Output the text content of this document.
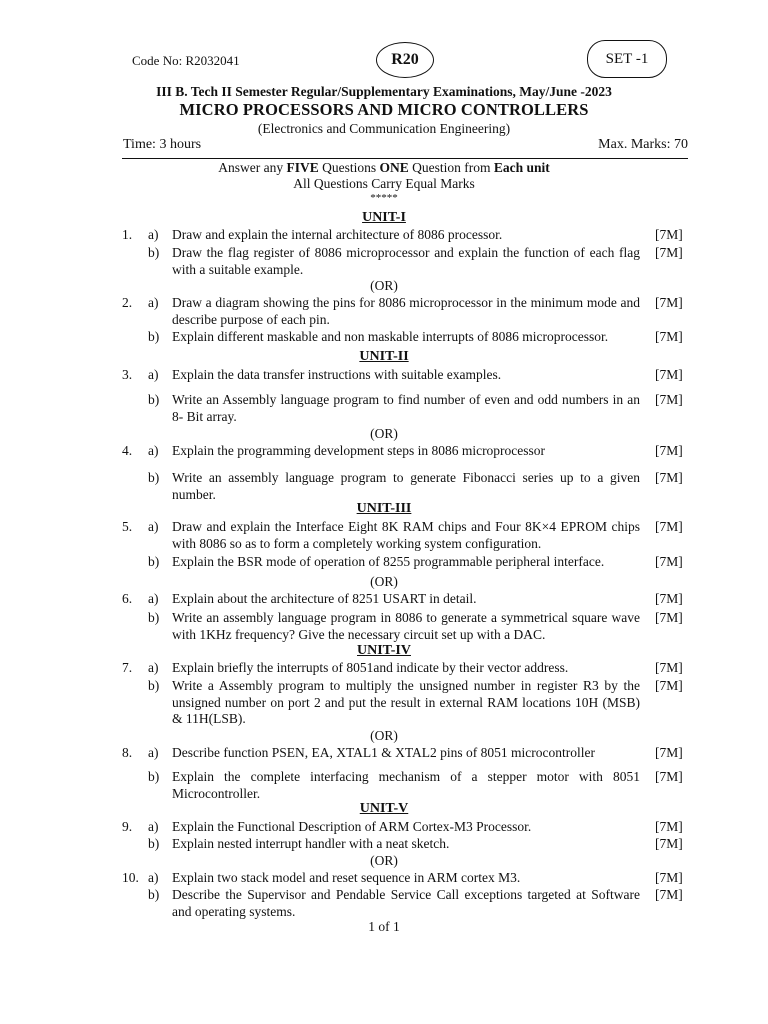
Code No: R2032041	R20	SET -1
III B. Tech II Semester Regular/Supplementary Examinations, May/June -2023
MICRO PROCESSORS AND MICRO CONTROLLERS
(Electronics and Communication Engineering)
Time: 3 hours	Max. Marks: 70
Answer any FIVE Questions ONE Question from Each unit
All Questions Carry Equal Marks
*****
UNIT-I
1. a) Draw and explain the internal architecture of 8086 processor.	[7M]
b) Draw the flag register of 8086 microprocessor and explain the function of each flag with a suitable example.
[7M]
(OR)
2. a) Draw a diagram showing the pins for 8086 microprocessor in the minimum mode and describe purpose of each pin.
[7M]
b) Explain different maskable and non maskable interrupts of 8086 microprocessor.	[7M]
UNIT-II
3. a) Explain the data transfer instructions with suitable examples.	[7M]
b) Write an Assembly language program to find number of even and odd numbers in an 8- Bit array.
[7M]
(OR)
4. a) Explain the programming development steps in 8086 microprocessor	[7M]
b) Write an assembly language program to generate Fibonacci series up to a given number.
[7M]
UNIT-III
5. a) Draw and explain the Interface Eight 8K RAM chips and Four 8K×4 EPROM chips with 8086 so as to form a completely working system configuration.
[7M]
b) Explain the BSR mode of operation of 8255 programmable peripheral interface.	[7M]
(OR)
6. a) Explain about the architecture of 8251 USART in detail.	[7M]
b) Write an assembly language program in 8086 to generate a symmetrical square wave with 1KHz frequency? Give the necessary circuit set up with a DAC.
[7M]
UNIT-IV
7. a) Explain briefly the interrupts of 8051and indicate by their vector address.	[7M]
b) Write a Assembly program to multiply the unsigned number in register R3 by the unsigned number on port 2 and put the result in external RAM locations 10H (MSB) & 11H(LSB).
[7M]
(OR)
8. a) Describe function PSEN, EA, XTAL1 & XTAL2 pins of 8051 microcontroller	[7M]
b) Explain the complete interfacing mechanism of a stepper motor with 8051 Microcontroller.
[7M]
UNIT-V
9. a) Explain the Functional Description of ARM Cortex-M3 Processor.	[7M]
b) Explain nested interrupt handler with a neat sketch.	[7M]
(OR)
10. a) Explain two stack model and reset sequence in ARM cortex M3.	[7M]
b) Describe the Supervisor and Pendable Service Call exceptions targeted at Software and operating systems.
[7M]
1 of 1
